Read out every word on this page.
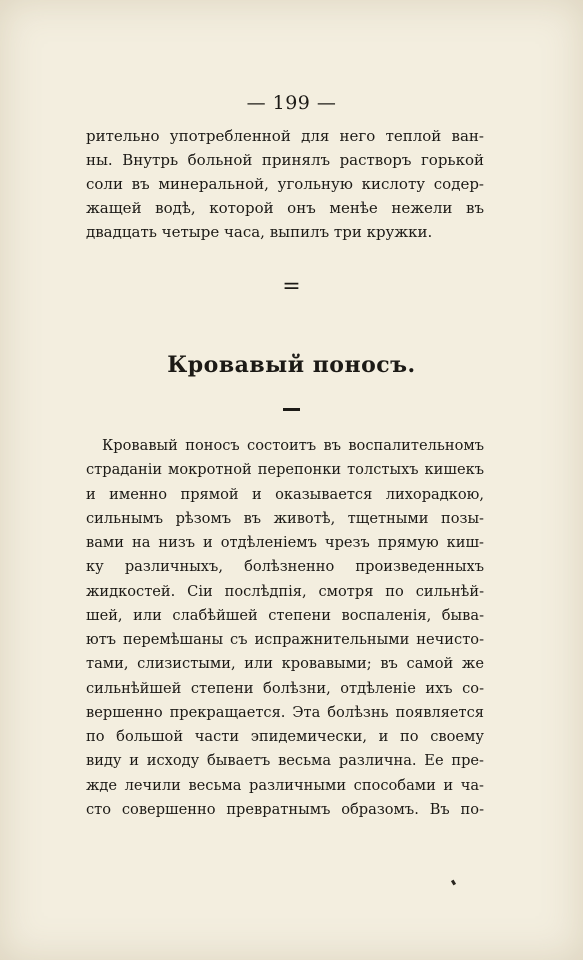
— 199 —
рительно употребленной для него теплой ван-
ны. Внутрь больной принялъ растворъ горькой
соли въ минеральной, угольную кислоту содер-
жащей водѣ, которой онъ менѣе нежели въ
двадцать четыре часа, выпилъ три кружки.
=
Кровавый поносъ.
Кровавый поносъ состоитъ въ воспалительномъ
страданіи мокротной перепонки толстыхъ кишекъ
и именно прямой и оказывается лихорадкою,
сильнымъ рѣзомъ въ животѣ, тщетными позы-
вами на низъ и отдѣленіемъ чрезъ прямую киш-
ку различныхъ, болѣзненно произведенныхъ
жидкостей. Сіи послѣдпія, смотря по сильнѣй-
шей, или слабѣйшей степени воспаленія, быва-
ютъ перемѣшаны съ испражнительными нечисто-
тами, слизистыми, или кровавыми; въ самой же
сильнѣйшей степени болѣзни, отдѣленіе ихъ со-
вершенно прекращается. Эта болѣзнь появляется
по большой части эпидемически, и по своему
виду и исходу бываетъ весьма различна. Ее пре-
жде лечили весьма различными способами и ча-
сто совершенно превратнымъ образомъ. Въ по-
